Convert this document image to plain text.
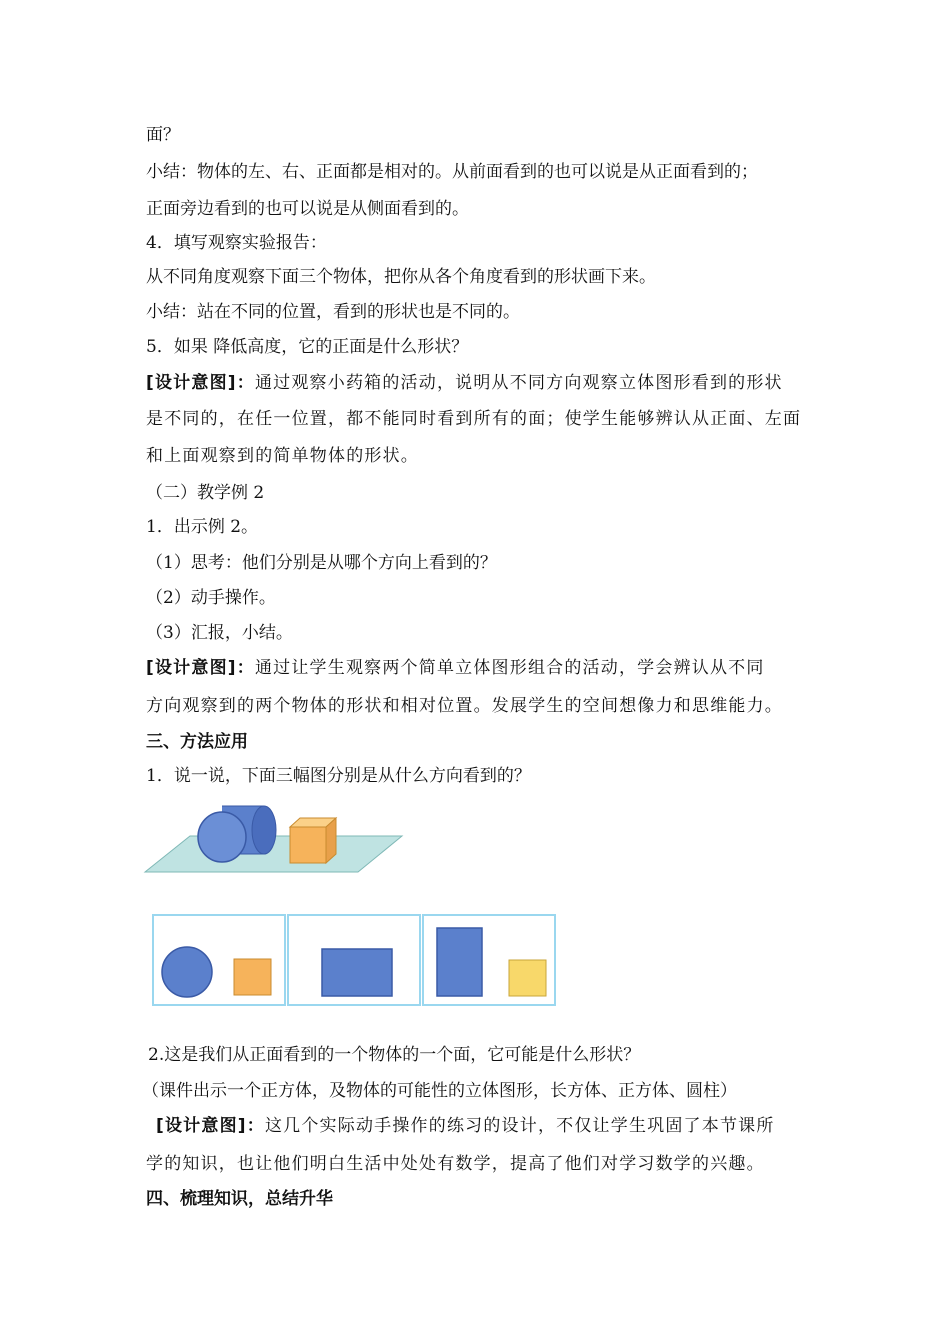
面？
小结：物体的左、右、正面都是相对的。从前面看到的也可以说是从正面看到的；
正面旁边看到的也可以说是从侧面看到的。
4．填写观察实验报告：
从不同角度观察下面三个物体，把你从各个角度看到的形状画下来。
小结：站在不同的位置，看到的形状也是不同的。
5．如果 降低高度，它的正面是什么形状？
[设计意图]：通过观察小药箱的活动，说明从不同方向观察立体图形看到的形状
是不同的，在任一位置，都不能同时看到所有的面；使学生能够辨认从正面、左面
和上面观察到的简单物体的形状。
（二）教学例 2
1．出示例 2。
（1）思考：他们分别是从哪个方向上看到的？
（2）动手操作。
（3）汇报，小结。
[设计意图]：通过让学生观察两个简单立体图形组合的活动，学会辨认从不同
方向观察到的两个物体的形状和相对位置。发展学生的空间想像力和思维能力。
三、方法应用
1．说一说，下面三幅图分别是从什么方向看到的？
2.这是我们从正面看到的一个物体的一个面，它可能是什么形状？
（课件出示一个正方体，及物体的可能性的立体图形，长方体、正方体、圆柱）
[设计意图]：这几个实际动手操作的练习的设计，不仅让学生巩固了本节课所
学的知识，也让他们明白生活中处处有数学，提高了他们对学习数学的兴趣。
四、梳理知识，总结升华
